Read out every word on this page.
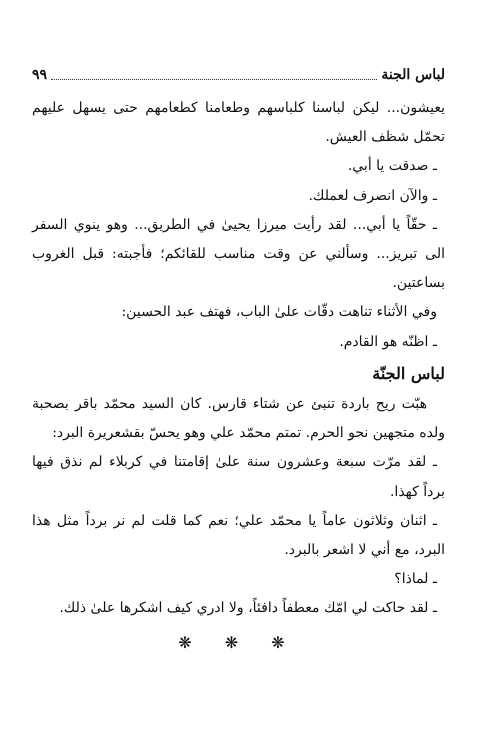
لباس الجنة
٩٩

يعيشون... ليكن لباسنا كلباسهم وطعامنا كطعامهم حتى يسهل عليهم تحمّل شظف العيش.

ـ صدقت يا أبي.

ـ والآن انصرف لعملك.

ـ حقّاً يا أبي... لقد رأيت ميرزا يحيىٰ في الطريق... وهو ينوي السفر الى تبريز... وسألني عن وقت مناسب للقائكم؛ فأجبته: قبل الغروب بساعتين.

وفي الأثناء تناهت دقّات علىٰ الباب، فهتف عبد الحسين:

ـ اظنّه هو القادم.

لباس الجنّة

هبّت ريح باردة تنبئ عن شتاء قارس. كان السيد محمّد باقر بصحبة ولده متجهين نحو الحرم. تمتم محمّد علي وهو يحسّ بقشعريرة البرد:

ـ لقد مرّت سبعة وعشرون سنة علىٰ إقامتنا في كربلاء لم نذق فيها برداً كهذا.

ـ اثنان وثلاثون عاماً يا محمّد علي؛ نعم كما قلت لم نر برداً مثل هذا البرد، مع أني لا اشعر بالبرد.

ـ لماذا؟

ـ لقد حاكت لي امّك معطفاً دافئاً، ولا ادري كيف اشكرها علىٰ ذلك.

❋ ❋ ❋
